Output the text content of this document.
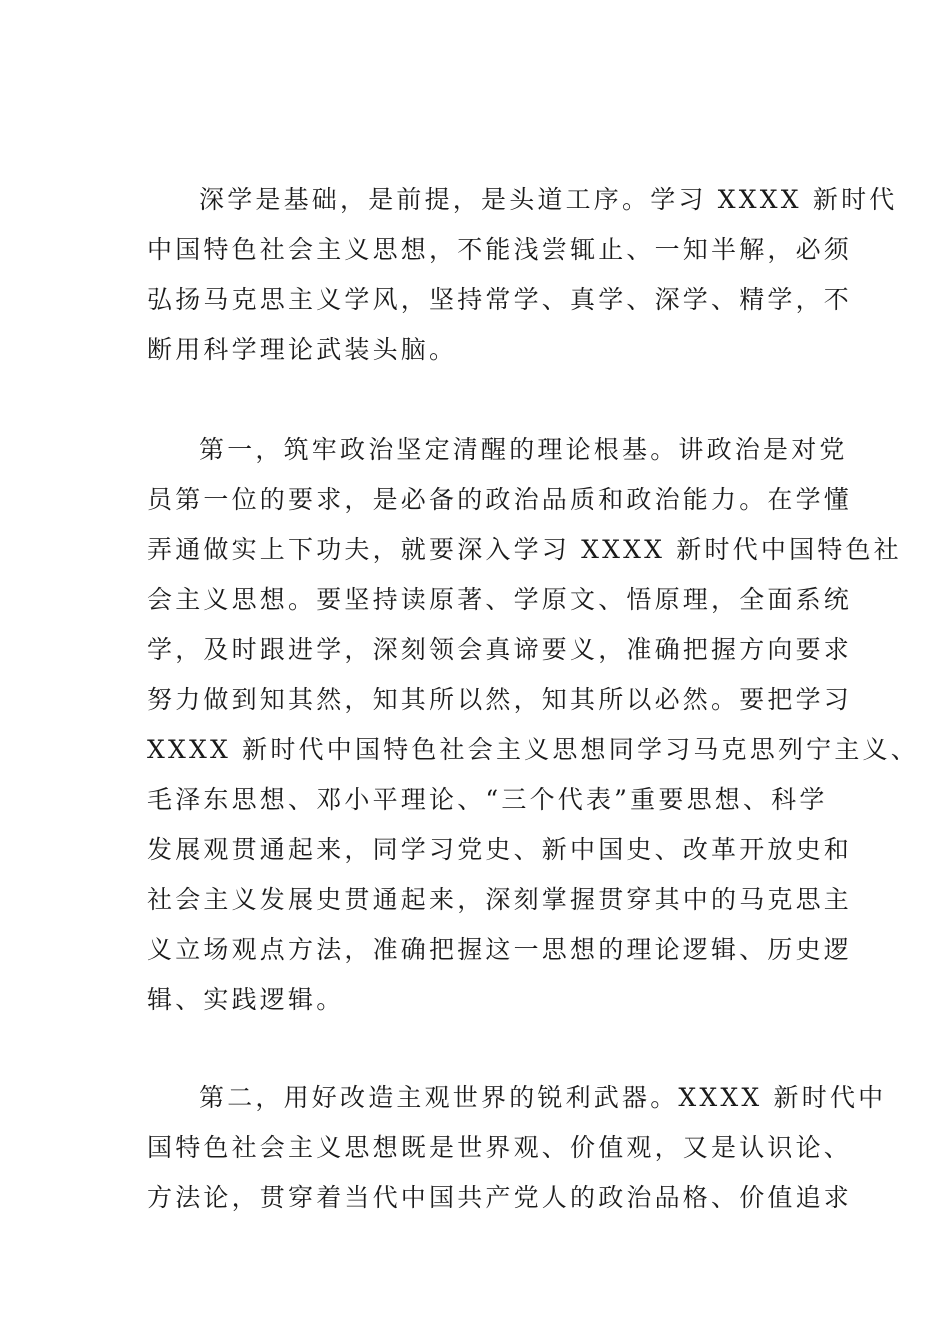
深学是基础，是前提，是头道工序。学习 XXXX 新时代

中国特色社会主义思想，不能浅尝辄止、一知半解，必须

弘扬马克思主义学风，坚持常学、真学、深学、精学，不

断用科学理论武装头脑。

第一，筑牢政治坚定清醒的理论根基。讲政治是对党

员第一位的要求，是必备的政治品质和政治能力。在学懂

弄通做实上下功夫，就要深入学习 XXXX 新时代中国特色社

会主义思想。要坚持读原著、学原文、悟原理，全面系统

学，及时跟进学，深刻领会真谛要义，准确把握方向要求

努力做到知其然，知其所以然，知其所以必然。要把学习

XXXX 新时代中国特色社会主义思想同学习马克思列宁主义、

毛泽东思想、邓小平理论、“三个代表”重要思想、科学

发展观贯通起来，同学习党史、新中国史、改革开放史和

社会主义发展史贯通起来，深刻掌握贯穿其中的马克思主

义立场观点方法，准确把握这一思想的理论逻辑、历史逻

辑、实践逻辑。

第二，用好改造主观世界的锐利武器。XXXX 新时代中

国特色社会主义思想既是世界观、价值观，又是认识论、

方法论，贯穿着当代中国共产党人的政治品格、价值追求
